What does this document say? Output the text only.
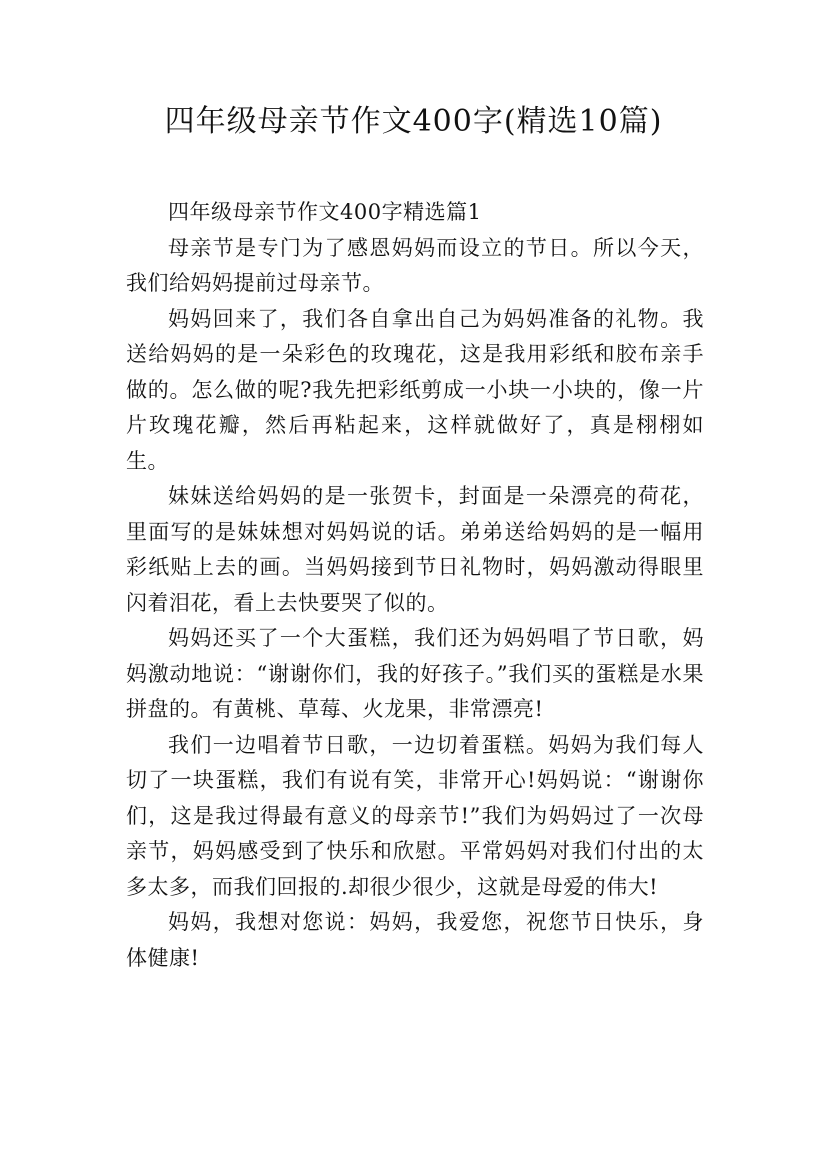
四年级母亲节作文400字(精选10篇)
四年级母亲节作文400字精选篇1

母亲节是专门为了感恩妈妈而设立的节日。所以今天，我们给妈妈提前过母亲节。

妈妈回来了，我们各自拿出自己为妈妈准备的礼物。我送给妈妈的是一朵彩色的玫瑰花，这是我用彩纸和胶布亲手做的。怎么做的呢?我先把彩纸剪成一小块一小块的，像一片片玫瑰花瓣，然后再粘起来，这样就做好了，真是栩栩如生。

妹妹送给妈妈的是一张贺卡，封面是一朵漂亮的荷花，里面写的是妹妹想对妈妈说的话。弟弟送给妈妈的是一幅用彩纸贴上去的画。当妈妈接到节日礼物时，妈妈激动得眼里闪着泪花，看上去快要哭了似的。

妈妈还买了一个大蛋糕，我们还为妈妈唱了节日歌，妈妈激动地说：“谢谢你们，我的好孩子。”我们买的蛋糕是水果拼盘的。有黄桃、草莓、火龙果，非常漂亮!

我们一边唱着节日歌，一边切着蛋糕。妈妈为我们每人切了一块蛋糕，我们有说有笑，非常开心!妈妈说：“谢谢你们，这是我过得最有意义的母亲节!”我们为妈妈过了一次母亲节，妈妈感受到了快乐和欣慰。平常妈妈对我们付出的太多太多，而我们回报的.却很少很少，这就是母爱的伟大!

妈妈，我想对您说：妈妈，我爱您，祝您节日快乐，身体健康!
